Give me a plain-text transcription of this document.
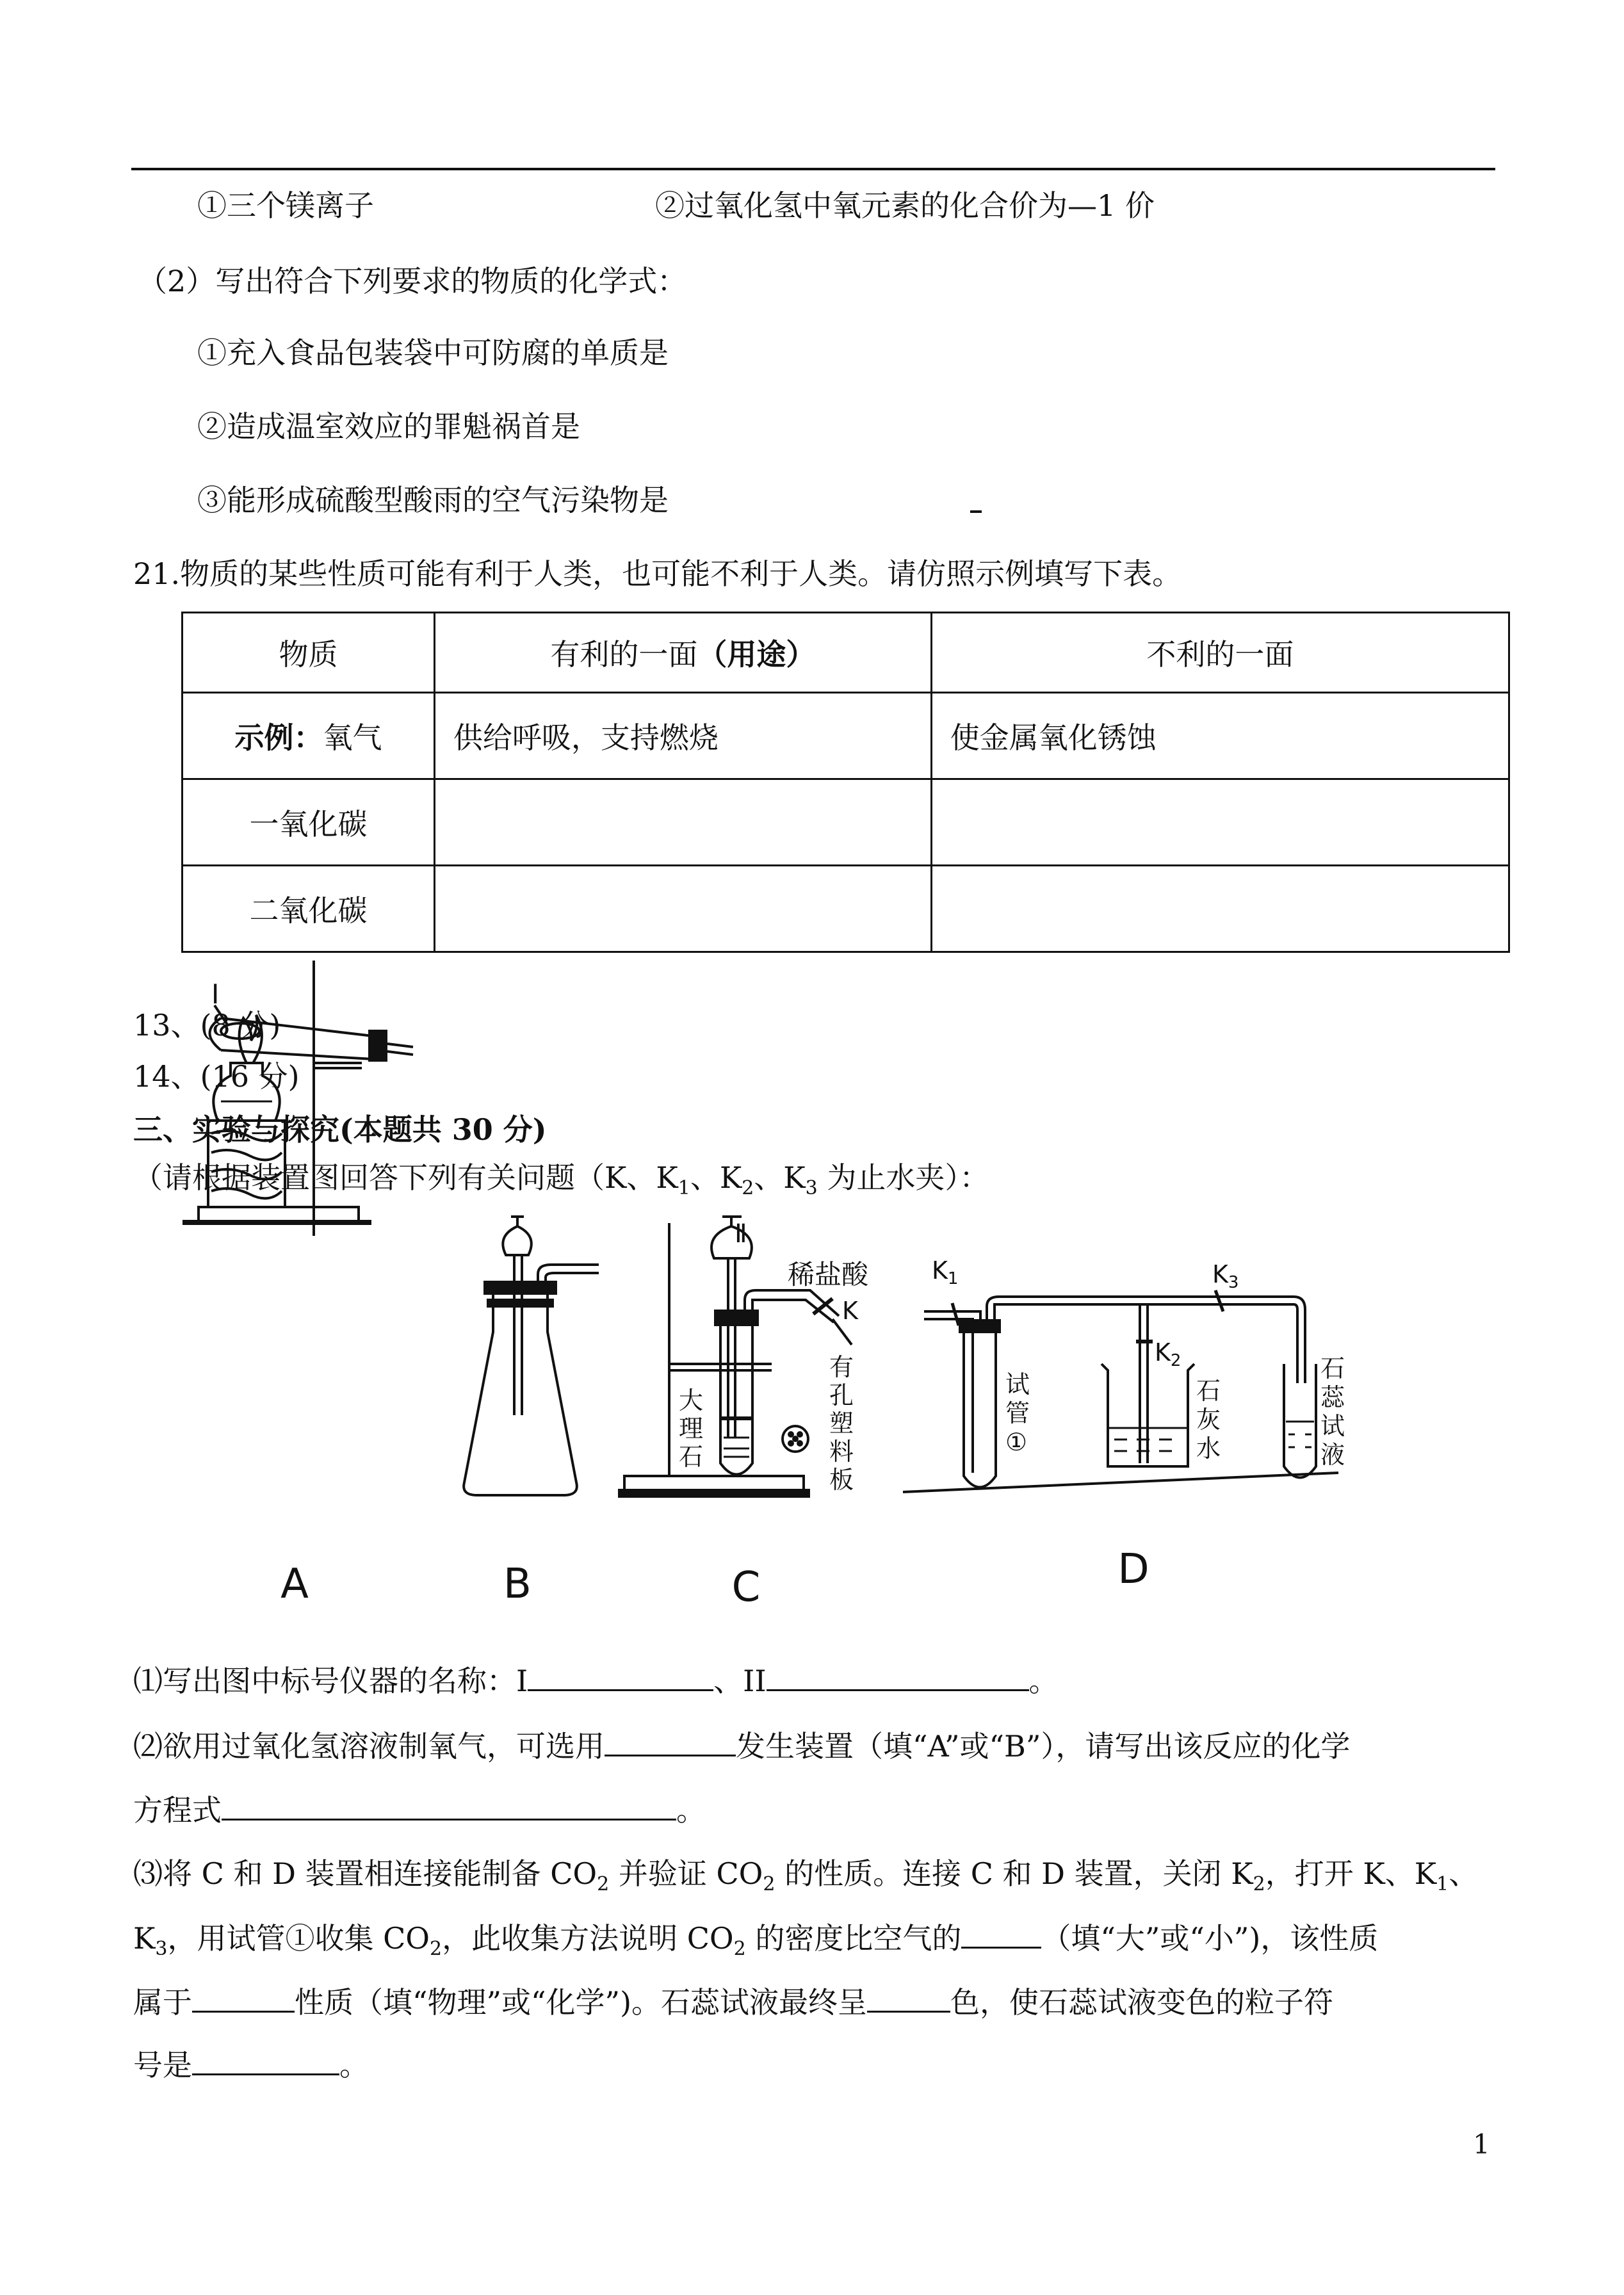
①三个镁离子	②过氧化氢中氧元素的化合价为—1 价
（2）写出符合下列要求的物质的化学式：
①充入食品包装袋中可防腐的单质是
②造成温室效应的罪魁祸首是
③能形成硫酸型酸雨的空气污染物是
21.物质的某些性质可能有利于人类，也可能不利于人类。请仿照示例填写下表。
物质	有利的一面（用途）	不利的一面
示例：氧气	供给呼吸，支持燃烧	使金属氧化锈蚀
一氧化碳		
二氧化碳		
13、(8 分)
14、(16 分)
三、实验与探究(本题共 30 分)
（请根据装置图回答下列有关问题（K、$K_1$、$K_2$、$K_3$ 为止水夹）：
I
A	B
Ⅱ
稀盐酸
K
有
孔
塑
料
板
大
理
石
C
$K_1$
$K_2$
$K_3$
试
管
①
石
灰
水
石
蕊
试
液
D
⑴写出图中标号仪器的名称：I	、II	。
⑵欲用过氧化氢溶液制氧气，可选用	发生装置（填“A”或“B”），请写出该反应的化学
方程式	。
⑶将 C 和 D 装置相连接能制备 $CO_2$ 并验证 $CO_2$ 的性质。连接 C 和 D 装置，关闭 $K_2$，打开 K、$K_1$、
$K_3$，用试管①收集 $CO_2$，此收集方法说明 $CO_2$ 的密度比空气的	（填“大”或“小”)，该性质
属于	性质（填“物理”或“化学”)。石蕊试液最终呈	色，使石蕊试液变色的粒子符
号是	。
1
